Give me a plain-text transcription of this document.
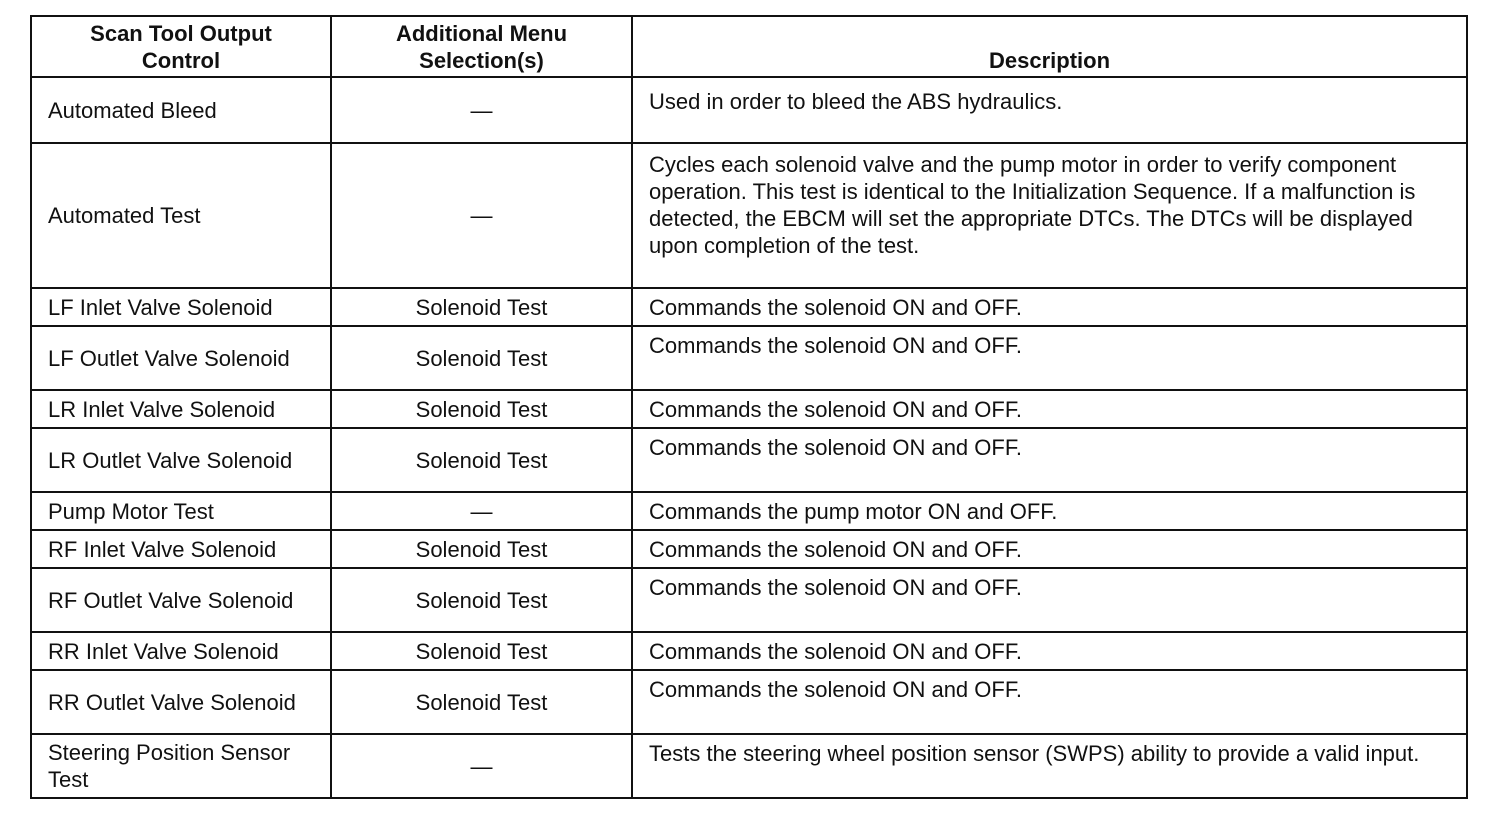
Scan Tool Output Control	Additional Menu Selection(s)	Description
Automated Bleed	—	Used in order to bleed the ABS hydraulics.
Automated Test	—	Cycles each solenoid valve and the pump motor in order to verify component operation. This test is identical to the Initialization Sequence. If a malfunction is detected, the EBCM will set the appropriate DTCs. The DTCs will be displayed upon completion of the test.
LF Inlet Valve Solenoid	Solenoid Test	Commands the solenoid ON and OFF.
LF Outlet Valve Solenoid	Solenoid Test	Commands the solenoid ON and OFF.
LR Inlet Valve Solenoid	Solenoid Test	Commands the solenoid ON and OFF.
LR Outlet Valve Solenoid	Solenoid Test	Commands the solenoid ON and OFF.
Pump Motor Test	—	Commands the pump motor ON and OFF.
RF Inlet Valve Solenoid	Solenoid Test	Commands the solenoid ON and OFF.
RF Outlet Valve Solenoid	Solenoid Test	Commands the solenoid ON and OFF.
RR Inlet Valve Solenoid	Solenoid Test	Commands the solenoid ON and OFF.
RR Outlet Valve Solenoid	Solenoid Test	Commands the solenoid ON and OFF.
Steering Position Sensor Test	—	Tests the steering wheel position sensor (SWPS) ability to provide a valid input.
